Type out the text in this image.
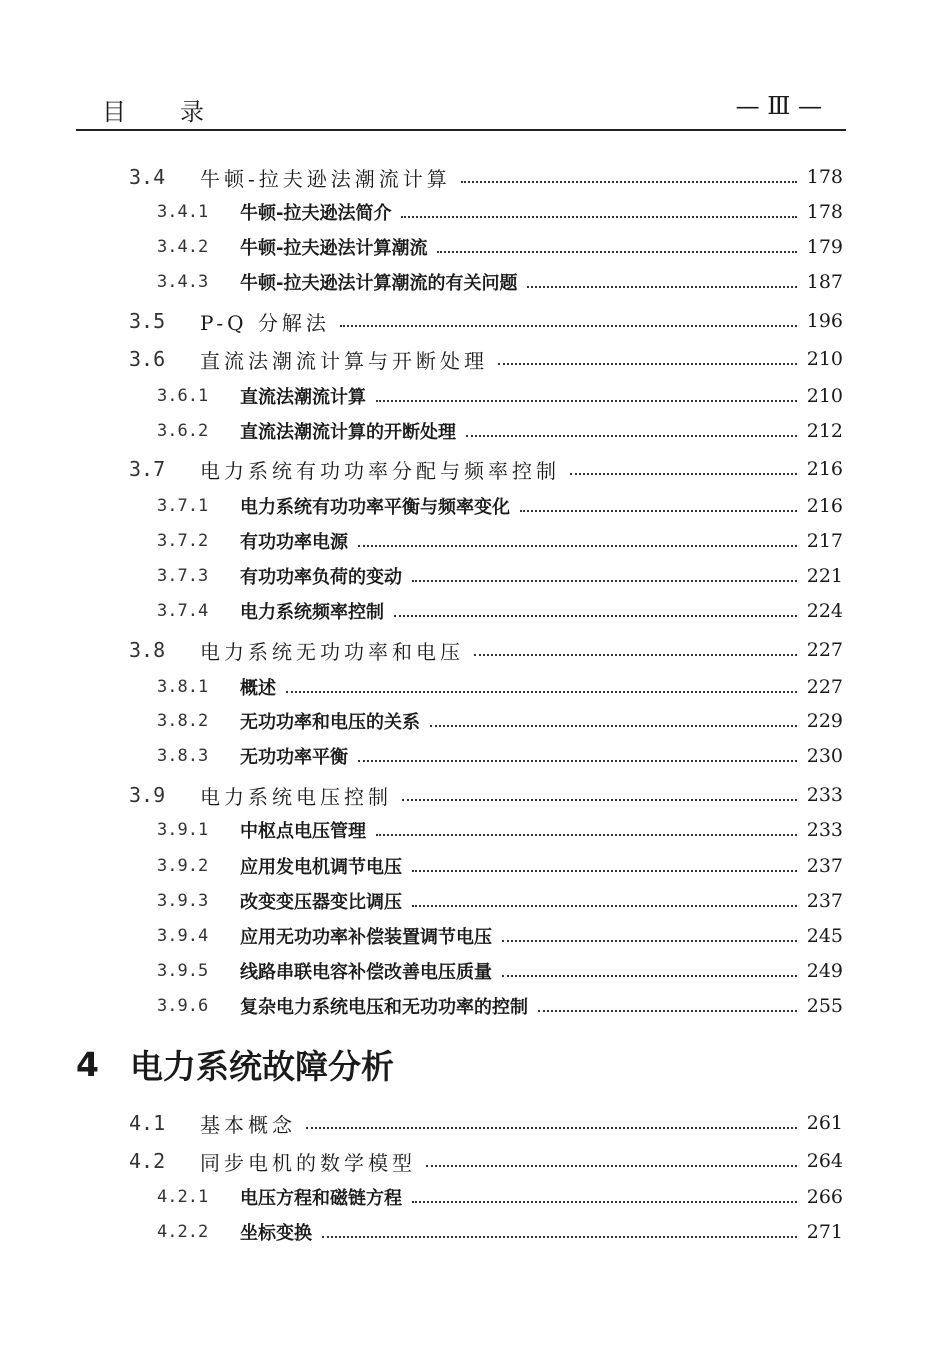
目录	— Ⅲ —
3.4 牛顿-拉夫逊法潮流计算	178
3.4.1 牛顿-拉夫逊法简介	178
3.4.2 牛顿-拉夫逊法计算潮流	179
3.4.3 牛顿-拉夫逊法计算潮流的有关问题	187
3.5 P-Q 分解法	196
3.6 直流法潮流计算与开断处理	210
3.6.1 直流法潮流计算	210
3.6.2 直流法潮流计算的开断处理	212
3.7 电力系统有功功率分配与频率控制	216
3.7.1 电力系统有功功率平衡与频率变化	216
3.7.2 有功功率电源	217
3.7.3 有功功率负荷的变动	221
3.7.4 电力系统频率控制	224
3.8 电力系统无功功率和电压	227
3.8.1 概述	227
3.8.2 无功功率和电压的关系	229
3.8.3 无功功率平衡	230
3.9 电力系统电压控制	233
3.9.1 中枢点电压管理	233
3.9.2 应用发电机调节电压	237
3.9.3 改变变压器变比调压	237
3.9.4 应用无功功率补偿装置调节电压	245
3.9.5 线路串联电容补偿改善电压质量	249
3.9.6 复杂电力系统电压和无功功率的控制	255
4 电力系统故障分析
4.1 基本概念	261
4.2 同步电机的数学模型	264
4.2.1 电压方程和磁链方程	266
4.2.2 坐标变换	271
